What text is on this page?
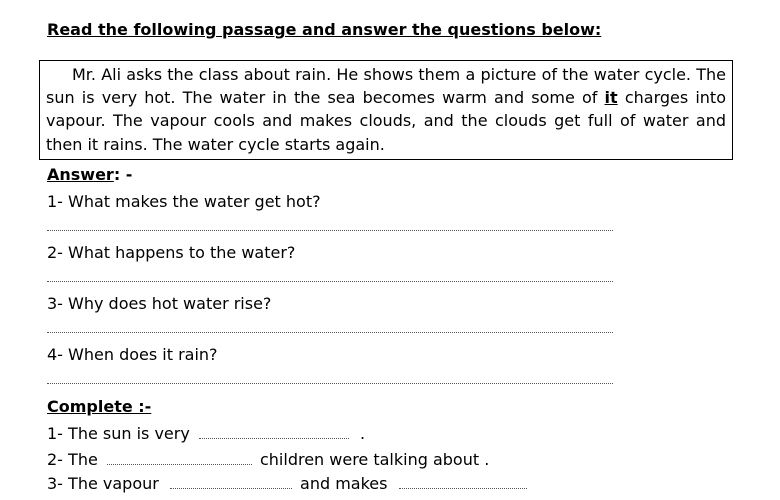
Read the following passage and answer the questions below:
Mr. Ali asks the class about rain. He shows them a picture of the water cycle. The sun is very hot. The water in the sea becomes warm and some of it charges into vapour. The vapour cools and makes clouds, and the clouds get full of water and then it rains. The water cycle starts again.
Answer: -
1- What makes the water get hot?
2- What happens to the water?
3- Why does hot water rise?
4- When does it rain?
Complete :-
1- The sun is very	.
2- The	children were talking about .
3- The vapour	and makes
